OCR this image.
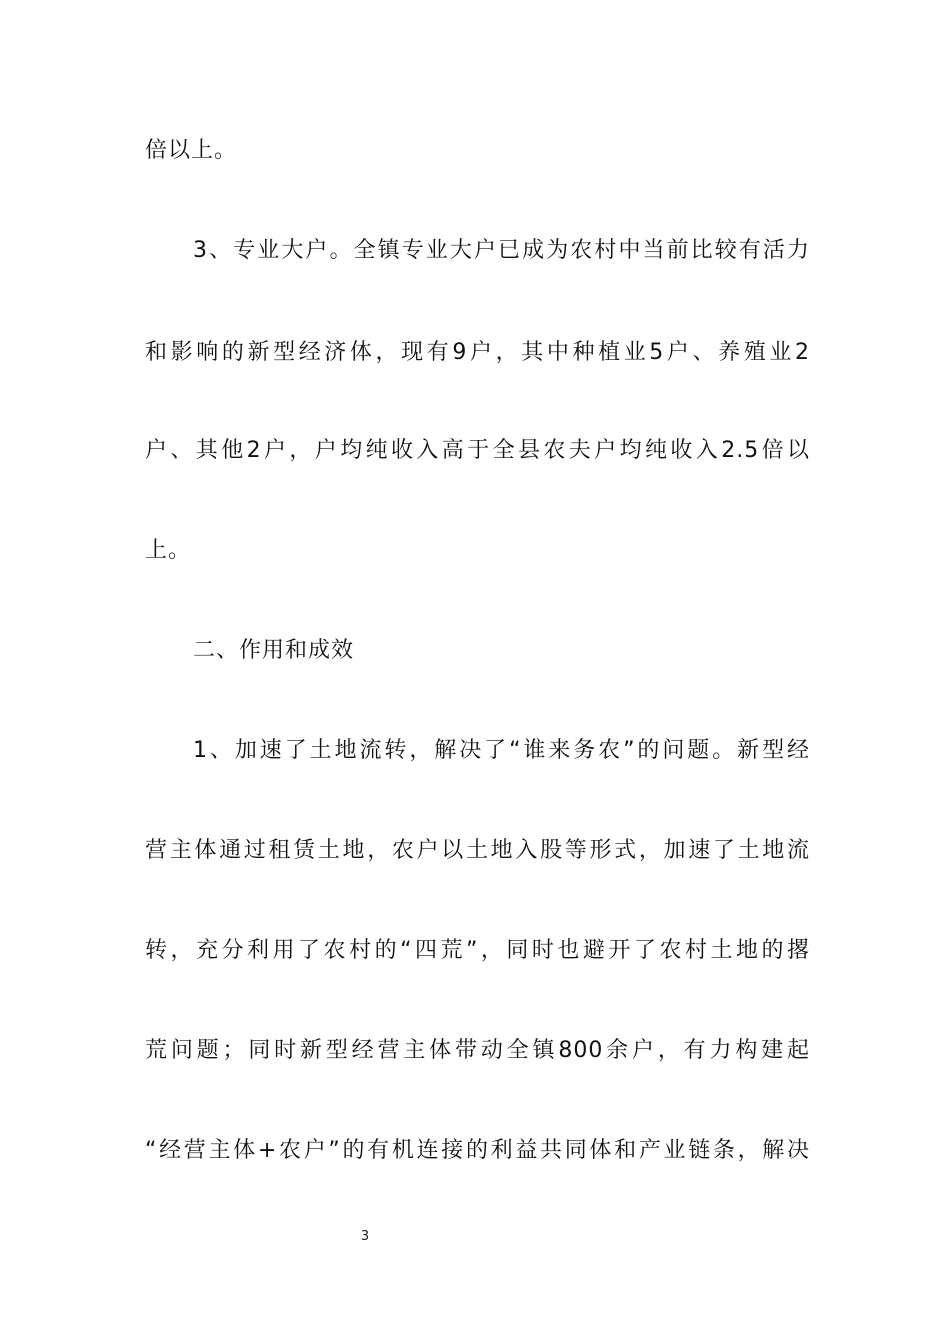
倍以上。
3、专业大户。全镇专业大户已成为农村中当前比较有活力
和影响的新型经济体，现有9户，其中种植业5户、养殖业2
户、其他2户，户均纯收入高于全县农夫户均纯收入2.5倍以
上。
二、作用和成效
1、加速了土地流转，解决了“谁来务农”的问题。新型经
营主体通过租赁土地，农户以土地入股等形式，加速了土地流
转，充分利用了农村的“四荒”，同时也避开了农村土地的撂
荒问题；同时新型经营主体带动全镇800余户，有力构建起
“经营主体+农户”的有机连接的利益共同体和产业链条，解决
3
